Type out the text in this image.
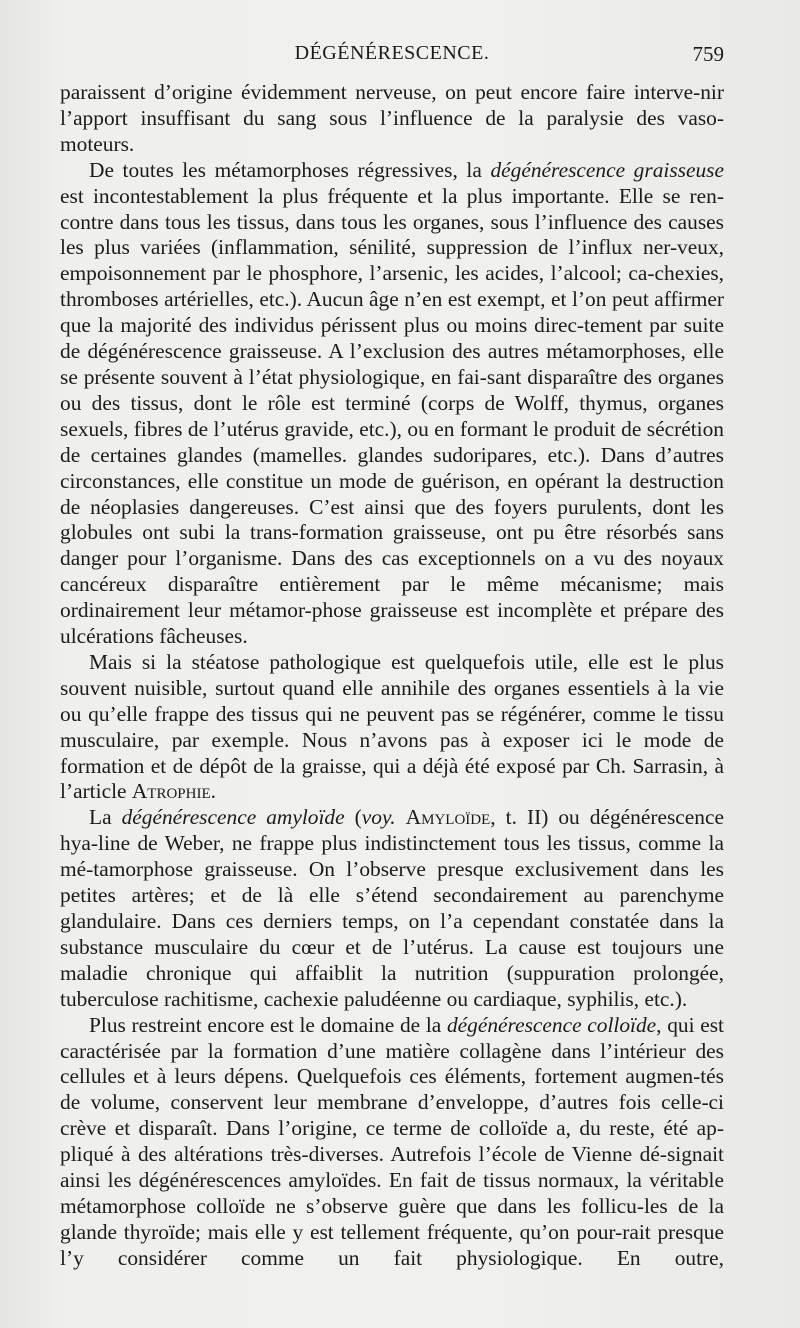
DÉGÉNÉRESCENCE.	759

paraissent d’origine évidemment nerveuse, on peut encore faire interve-nir l’apport insuffisant du sang sous l’influence de la paralysie des vaso-moteurs.

De toutes les métamorphoses régressives, la dégénérescence graisseuse est incontestablement la plus fréquente et la plus importante. Elle se ren-contre dans tous les tissus, dans tous les organes, sous l’influence des causes les plus variées (inflammation, sénilité, suppression de l’influx ner-veux, empoisonnement par le phosphore, l’arsenic, les acides, l’alcool; ca-chexies, thromboses artérielles, etc.). Aucun âge n’en est exempt, et l’on peut affirmer que la majorité des individus périssent plus ou moins direc-tement par suite de dégénérescence graisseuse. A l’exclusion des autres métamorphoses, elle se présente souvent à l’état physiologique, en fai-sant disparaître des organes ou des tissus, dont le rôle est terminé (corps de Wolff, thymus, organes sexuels, fibres de l’utérus gravide, etc.), ou en formant le produit de sécrétion de certaines glandes (mamelles. glandes sudoripares, etc.). Dans d’autres circonstances, elle constitue un mode de guérison, en opérant la destruction de néoplasies dangereuses. C’est ainsi que des foyers purulents, dont les globules ont subi la trans-formation graisseuse, ont pu être résorbés sans danger pour l’organisme. Dans des cas exceptionnels on a vu des noyaux cancéreux disparaître entièrement par le même mécanisme; mais ordinairement leur métamor-phose graisseuse est incomplète et prépare des ulcérations fâcheuses.

Mais si la stéatose pathologique est quelquefois utile, elle est le plus souvent nuisible, surtout quand elle annihile des organes essentiels à la vie ou qu’elle frappe des tissus qui ne peuvent pas se régénérer, comme le tissu musculaire, par exemple. Nous n’avons pas à exposer ici le mode de formation et de dépôt de la graisse, qui a déjà été exposé par Ch. Sarrasin, à l’article Atrophie.

La dégénérescence amyloïde (voy. Amyloïde, t. II) ou dégénérescence hya-line de Weber, ne frappe plus indistinctement tous les tissus, comme la mé-tamorphose graisseuse. On l’observe presque exclusivement dans les petites artères; et de là elle s’étend secondairement au parenchyme glandulaire. Dans ces derniers temps, on l’a cependant constatée dans la substance musculaire du cœur et de l’utérus. La cause est toujours une maladie chronique qui affaiblit la nutrition (suppuration prolongée, tuberculose rachitisme, cachexie paludéenne ou cardiaque, syphilis, etc.).

Plus restreint encore est le domaine de la dégénérescence colloïde, qui est caractérisée par la formation d’une matière collagène dans l’intérieur des cellules et à leurs dépens. Quelquefois ces éléments, fortement augmen-tés de volume, conservent leur membrane d’enveloppe, d’autres fois celle-ci crève et disparaît. Dans l’origine, ce terme de colloïde a, du reste, été ap-pliqué à des altérations très-diverses. Autrefois l’école de Vienne dé-signait ainsi les dégénérescences amyloïdes. En fait de tissus normaux, la véritable métamorphose colloïde ne s’observe guère que dans les follicu-les de la glande thyroïde; mais elle y est tellement fréquente, qu’on pour-rait presque l’y considérer comme un fait physiologique. En outre,
